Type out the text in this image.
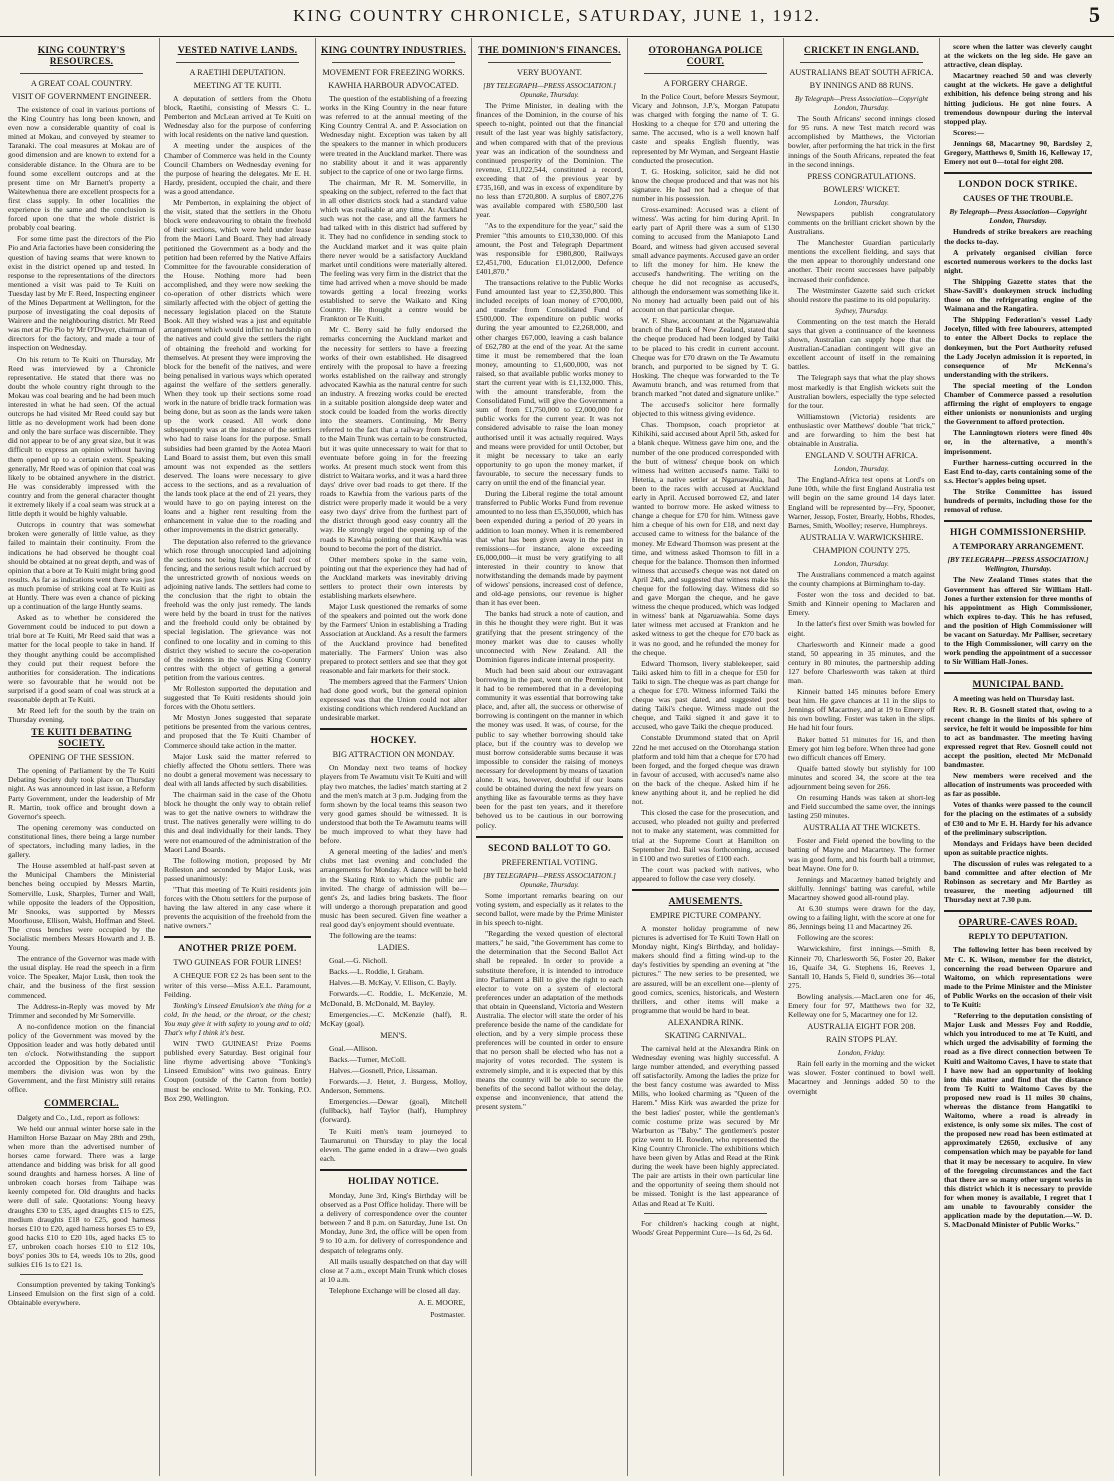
KING COUNTRY CHRONICLE, SATURDAY, JUNE 1, 1912.	5
KING COUNTRY'S RESOURCES.
A GREAT COAL COUNTRY.
VISIT OF GOVERNMENT ENGINEER.

The existence of coal in various portions of the King Country has long been known, and even now a considerable quantity of coal is mined at Mokau, and conveyed by steamer to Taranaki. The coal measures at Mokau are of good dimension and are known to extend for a considerable distance. In the Ohura are to be found some excellent outcrops and at the present time on Mr Barnett's property a Waitewhenua there are excellent prospects for a first class supply. In other localities the experience is the same and the conclusion is forced upon one that the whole district is probably coal bearing.

For some time past the directors of the Pio Pio and Aria factories have been considering the question of having seams that were known to exist in the district opened up and tested. In response to the representations of the directors mentioned a visit was paid to Te Kuiti on Tuesday last by Mr F. Reed, Inspecting engineer of the Mines Department at Wellington, for the purpose of investigating the coal deposits of Wairere and the neighbouring district. Mr Reed was met at Pio Pio by Mr O'Dwyer, chairman of directors for the factory, and made a tour of inspection on Wednesday.

On his return to Te Kuiti on Thursday, Mr Reed was interviewed by a Chronicle representative. He stated that there was no doubt the whole country right through to the Mokau was coal bearing and he had been much interested in what he had seen. Of the actual outcrops he had visited Mr Reed could say but little as no development work had been done and only the bare surface was discernible. They did not appear to be of any great size, but it was difficult to express an opinion without having them opened up to a certain extent. Speaking generally, Mr Reed was of opinion that coal was likely to be obtained anywhere in the district. He was considerably impressed with the country and from the general character thought it extremely likely if a coal seam was struck at a little depth it would be highly valuable.

Outcrops in country that was somewhat broken were generally of little value, as they failed to maintain their continuity. From the indications he had observed he thought coal should be obtained at no great depth, and was of opinion that a bore at Te Kuiti might bring good results. As far as indications went there was just as much promise of striking coal at Te Kuiti as at Huntly. There was even a chance of picking up a continuation of the large Huntly seams.

Asked as to whether he considered the Government could be induced to put down a trial bore at Te Kuiti, Mr Reed said that was a matter for the local people to take in hand. If they thought anything could be accomplished they could put their request before the authorities for consideration. The indications were so favourable that he would not be surprised if a good seam of coal was struck at a reasonable depth at Te Kuiti.

Mr Reed left for the south by the train on Thursday evening.

TE KUITI DEBATING SOCIETY.
OPENING OF THE SESSION.

The opening of Parliament by the Te Kuiti Debating Society duly took place on Thursday night. As was announced in last issue, a Reform Party Government, under the leadership of Mr R. Martin, took office and brought down a Governor's speech.

The opening ceremony was conducted on constitutional lines, there being a large number of spectators, including many ladies, in the gallery.

The House assembled at half-past seven at the Municipal Chambers the Ministerial benches being occupied by Messrs Martin, Somerville, Lusk, Sharples, Turner and Wall, while opposite the leaders of the Opposition, Mr Snooks, was supported by Messrs Moorhouse, Ellison, Walsh, Hoffman and Steel. The cross benches were occupied by the Socialistic members Messrs Howarth and J. B. Young.

The entrance of the Governor was made with the usual display. He read the speech in a firm voice. The Speaker, Major Lusk, then took the chair, and the business of the first session commenced.

The Address-in-Reply was moved by Mr Trimmer and seconded by Mr Somerville.

A no-confidence motion on the financial policy of the Government was moved by the Opposition leader and was hotly debated until ten o'clock. Notwithstanding the support accorded the Opposition by the Socialistic members the division was won by the Government, and the first Ministry still retains office.

COMMERCIAL.

Dalgety and Co., Ltd., report as follows:

We held our annual winter horse sale in the Hamilton Horse Bazaar on May 28th and 29th, when more than the advertised number of horses came forward. There was a large attendance and bidding was brisk for all good sound draughts and harness horses. A line of unbroken coach horses from Taihape was keenly competed for. Old draughts and hacks were dull of sale. Quotations: Young heavy draughts £30 to £35, aged draughts £15 to £25, medium draughts £18 to £25, good harness horses £10 to £20, aged harness horses £5 to £9, good hacks £10 to £20 10s, aged hacks £5 to £7, unbroken coach horses £10 to £12 10s, boys' ponies 30s to £4, weeds 10s to 20s, good sulkies £16 1s to £21 1s.

Consumption prevented by taking Tonking's Linseed Emulsion on the first sign of a cold. Obtainable everywhere.

VESTED NATIVE LANDS.
A RAETIHI DEPUTATION.
MEETING AT TE KUITI.

A deputation of settlers from the Ohotu block, Raetihi, consisting of Messrs C. L. Pemberton and McLean arrived at Te Kuiti on Wednesday also for the purpose of conferring with local residents on the native land question.

A meeting under the auspices of the Chamber of Commerce was held in the County Council Chambers on Wednesday evening for the purpose of hearing the delegates. Mr E. H. Hardy, president, occupied the chair, and there was a good attendance.

Mr Pemberton, in explaining the object of the visit, stated that the settlers in the Ohotu block were endeavouring to obtain the freehold of their sections, which were held under lease from the Maori Land Board. They had already petitioned the Government as a body and the petition had been referred by the Native Affairs Committee for the favourable consideration of the House. Nothing more had been accomplished, and they were now seeking the co-operation of other districts which were similarly affected with the object of getting the necessary legislation placed on the Statute Book. All they wished was a just and equitable arrangement which would inflict no hardship on the natives and could give the settlers the right of obtaining the freehold and working for themselves. At present they were improving the block for the benefit of the natives, and were being penalised in various ways which operated against the welfare of the settlers generally. When they took up their sections some road work in the nature of bridle track formation was being done, but as soon as the lands were taken up the work ceased. All work done subsequently was at the instance of the settlers who had to raise loans for the purpose. Small subsidies had been granted by the Aotea Maori Land Board to assist them, but even this small amount was not expended as the settlers deserved. The loans were necessary to give access to the sections, and as a revaluation of the lands took place at the end of 21 years, they would have to go on paying interest on the loans and a higher rent resulting from the enhancement in value due to the roading and other improvements in the district generally.

The deputation also referred to the grievance which rose through unoccupied land adjoining the sections not being liable for half cost of fencing, and the serious result which accrued by the unrestricted growth of noxious weeds on adjoining native lands. The settlers had come to the conclusion that the right to obtain the freehold was the only just remedy. The lands were held by the board in trust for the natives and the freehold could only be obtained by special legislation. The grievance was not confined to one locality and in coming to this district they wished to secure the co-operation of the residents in the various King Country centres with the object of getting a general petition from the various centres.

Mr Rolleston supported the deputation and suggested that Te Kuiti residents should join forces with the Ohotu settlers.

Mr Mostyn Jones suggested that separate petitions be presented from the various centres, and proposed that the Te Kuiti Chamber of Commerce should take action in the matter.

Major Lusk said the matter referred to chiefly affected the Ohotu settlers. There was no doubt a general movement was necessary to deal with all lands affected by such disabilities.

The chairman said in the case of the Ohotu block he thought the only way to obtain relief was to get the native owners to withdraw the trust. The natives generally were willing to do this and deal individually for their lands. They were not enamoured of the administration of the Maori Land Boards.

The following motion, proposed by Mr Rolleston and seconded by Major Lusk, was passed unanimously:

"That this meeting of Te Kuiti residents join forces with the Ohotu settlers for the purpose of having the law altered in any case where it prevents the acquisition of the freehold from the native owners."

ANOTHER PRIZE POEM.
TWO GUINEAS FOR FOUR LINES!

A CHEQUE FOR £2 2s has been sent to the writer of this verse—Miss A.E.L. Paramount, Feilding.

Tonking's Linseed Emulsion's the thing for a cold, In the head, or the throat, or the chest; You may give it with safety to young and to old; That's why I think it's best.

WIN TWO GUINEAS! Prize Poems published every Saturday. Best original four line rhyme advertising above "Tonking's Linseed Emulsion" wins two guineas. Entry Coupon (outside of the Carton from bottle) must be enclosed. Write to Mr. Tonking, P.O. Box 290, Wellington.

KING COUNTRY INDUSTRIES.
MOVEMENT FOR FREEZING WORKS.
KAWHIA HARBOUR ADVOCATED.

The question of the establishing of a freezing works in the King Country in the near future was referred to at the annual meeting of the King Country Central A. and P. Association on Wednesday night. Exception was taken by all the speakers to the manner in which producers were treated in the Auckland market. There was no stability about it and it was apparently subject to the caprice of one or two large firms.

The chairman, Mr R. M. Somerville, in speaking on the subject, referred to the fact that in all other districts stock had a standard value which was realisable at any time. At Auckland such was not the case, and all the farmers he had talked with in this district had suffered by it. They had no confidence in sending stock to the Auckland market and it was quite plain there never would be a satisfactory Auckland market until conditions were materially altered. The feeling was very firm in the district that the time had arrived when a move should be made towards getting a local freezing works established to serve the Waikato and King Country. He thought a centre would be Frankton or Te Kuiti.

Mr C. Berry said he fully endorsed the remarks concerning the Auckland market and the necessity for settlers to have a freezing works of their own established. He disagreed entirely with the proposal to have a freezing works established on the railway and strongly advocated Kawhia as the natural centre for such an industry. A freezing works could be erected in a suitable position alongside deep water and stock could be loaded from the works directly into the steamers. Continuing, Mr Berry referred to the fact that a railway from Kawhia to the Main Trunk was certain to be constructed, but it was quite unnecessary to wait for that to eventuate before going in for the freezing works. At present much stock went from this district to Waitara works, and it was a hard three days' drive over bad roads to get there. If the roads to Kawhia from the various parts of the district were properly made it would be a very easy two days' drive from the furthest part of the district through good easy country all the way. He strongly urged the opening up of the roads to Kawhia pointing out that Kawhia was bound to become the port of the district.

Other members spoke in the same vein, pointing out that the experience they had had of the Auckland markets was inevitably driving settlers to protect their own interests by establishing markets elsewhere.

Major Lusk questioned the remarks of some of the speakers and pointed out the work done by the Farmers' Union in establishing a Trading Association at Auckland. As a result the farmers of the Auckland province had benefited materially. The Farmers' Union was also prepared to protect settlers and see that they got reasonable and fair markets for their stock.

The members agreed that the Farmers' Union had done good work, but the general opinion expressed was that the Union could not alter existing conditions which rendered Auckland an undesirable market.

HOCKEY.
BIG ATTRACTION ON MONDAY.

On Monday next two teams of hockey players from Te Awamutu visit Te Kuiti and will play two matches, the ladies' match starting at 2 and the men's match at 3 p.m. Judging from the form shown by the local teams this season two very good games should be witnessed. It is understood that both the Te Awamutu teams will be much improved to what they have had before.

A general meeting of the ladies' and men's clubs met last evening and concluded the arrangements for Monday. A dance will be held in the Skating Rink to which the public are invited. The charge of admission will be—gent's 2s, and ladies bring baskets. The floor will undergo a thorough preparation and good music has been secured. Given fine weather a real good day's enjoyment should eventuate.

The following are the teams:

LADIES.

Goal.—G. Nicholl.

Backs.—L. Roddie, I. Graham.

Halves.—B. McKay, V. Ellison, C. Bayly.

Forwards.—C. Roddie, L. McKenzie, M. McDonald, B. McDonald, M. Bayley.

Emergencies.—C. McKenzie (half), R. McKay (goal).

MEN'S.

Goal.—Allison.

Backs.—Turner, McColl.

Halves.—Gosnell, Price, Lissaman.

Forwards.—J. Hetet, J. Burgess, Molloy, Anderson, Semmens.

Emergencies.—Dewar (goal), Mitchell (fullback), half Taylor (half), Humphrey (forward).

Te Kuiti men's team journeyed to Taumarunui on Thursday to play the local eleven. The game ended in a draw—two goals each.

HOLIDAY NOTICE.

Monday, June 3rd, King's Birthday will be observed as a Post Office holiday. There will be a delivery of correspondence over the counter between 7 and 8 p.m. on Saturday, June 1st. On Monday, June 3rd, the office will be open from 9 to 10 a.m. for delivery of correspondence and despatch of telegrams only.

All mails usually despatched on that day will close at 7 a.m., except Main Trunk which closes at 10 a.m.

Telephone Exchange will be closed all day.

A. E. MOORE,
Postmaster.
THE DOMINION'S FINANCES.
VERY BUOYANT.
[BY TELEGRAPH—PRESS ASSOCIATION.] Opunake, Thursday.

The Prime Minister, in dealing with the finances of the Dominion, in the course of his speech to-night, pointed out that the financial result of the last year was highly satisfactory, and when compared with that of the previous year was an indication of the soundness and continued prosperity of the Dominion. The revenue, £11,022,544, constituted a record, exceeding that of the previous year by £735,160, and was in excess of expenditure by no less than £720,800. A surplus of £807,276 was available compared with £580,500 last year.

"As to the expenditure for the year," said the Premier "this amounts to £10,330,000. Of this amount, the Post and Telegraph Department was responsible for £980,800, Railways £2,451,700, Education £1,012,000, Defence £401,870."

The transactions relative to the Public Works Fund amounted last year to £2,350,800. This included receipts of loan money of £700,000, and transfer from Consolidated Fund of £500,000. The expenditure on public works during the year amounted to £2,268,000, and other charges £67,000, leaving a cash balance of £62,780 at the end of the year. At the same time it must be remembered that the loan money, amounting to £1,600,000, was not raised, so that available public works money to start the current year with is £1,132,000. This, with the amount transferable, from the Consolidated Fund, will give the Government a sum of from £1,750,000 to £2,000,000 for public works for the current year. It was not considered advisable to raise the loan money authorised until it was actually required. Ways and means were provided for until October, but it might be necessary to take an early opportunity to go upon the money market, if favourable, to secure the necessary funds to carry on until the end of the financial year.

During the Liberal regime the total amount transferred to Public Works Fund from revenue amounted to no less than £5,350,000, which has been expended during a period of 20 years in addition to loan money. When it is remembered that what has been given away in the past in remissions—for instance, alone exceeding £6,000,000—it must be very gratifying to all interested in their country to know that notwithstanding the demands made by payment of widows' pensions, increased cost of defence, and old-age pensions, our revenue is higher than it has ever been.

The banks had struck a note of caution, and in this he thought they were right. But it was gratifying that the present stringency of the money market was due to causes wholly unconnected with New Zealand. All the Dominion figures indicate internal prosperity.

Much had been said about our extravagant borrowing in the past, went on the Premier, but it had to be remembered that in a developing community it was essential that borrowing take place, and, after all, the success or otherwise of borrowing is contingent on the manner in which the money was used. It was, of course, for the public to say whether borrowing should take place, but if the country was to develop we must borrow considerable sums because it was impossible to consider the raising of moneys necessary for development by means of taxation alone. It was, however, doubtful if our loans could be obtained during the next few years on anything like as favourable terms as they have been for the past ten years, and it therefore behoved us to be cautious in our borrowing policy.

SECOND BALLOT TO GO.
PREFERENTIAL VOTING.
[BY TELEGRAPH—PRESS ASSOCIATION.] Opunake, Thursday.

Some important remarks bearing on our voting system, and especially as it relates to the second ballot, were made by the Prime Minister in his speech to-night.

"Regarding the vexed question of electoral matters," he said, "the Government has come to the determination that the Second Ballot Act shall be repealed. In order to provide a substitute therefore, it is intended to introduce into Parliament a Bill to give the right to each elector to vote on a system of electoral preferences under an adaptation of the methods that obtain in Queensland, Victoria and Western Australia. The elector will state the order of his preference beside the name of the candidate for election, and by a very simple process these preferences will be counted in order to ensure that no person shall be elected who has not a majority of votes recorded. The system is extremely simple, and it is expected that by this means the country will be able to secure the benefits of the second ballot without the delay, expense and inconvenience, that attend the present system."

OTOROHANGA POLICE COURT.
A FORGERY CHARGE.

In the Police Court, before Messrs Seymour, Vicary and Johnson, J.P.'s, Morgan Patupatu was charged with forging the name of T. G. Hosking to a cheque for £70 and uttering the same. The accused, who is a well known half caste and speaks English fluently, was represented by Mr Wyman, and Sergeant Hastie conducted the prosecution.

T. G. Hosking, solicitor, said he did not know the cheque produced and that was not his signature. He had not had a cheque of that number in his possession.

Cross-examined: Accused was a client of witness'. Was acting for him during April. In early part of April there was a sum of £130 coming to accused from the Maniapoto Land Board, and witness had given accused several small advance payments. Accused gave an order to lift the money for him. He knew the accused's handwriting. The writing on the cheque he did not recognise as accused's, although the endorsement was something like it. No money had actually been paid out of his account on that particular cheque.

W. F. Shaw, accountant at the Ngaruawahia branch of the Bank of New Zealand, stated that the cheque produced had been lodged by Taiki to be placed to his credit in current account. Cheque was for £70 drawn on the Te Awamutu branch, and purported to be signed by T. G. Hosking. The cheque was forwarded to the Te Awamutu branch, and was returned from that branch marked "not dated and signature unlike."

The accused's solicitor here formally objected to this witness giving evidence.

Chas. Thompson, coach proprietor at Kihikihi, said accused about April 5th, asked for a blank cheque. Witness gave him one, and the number of the one produced corresponded with the butt of witness' cheque book on which witness had written accused's name. Taiki to Hetetia, a native settler at Ngaruawahia, had been to the races with accused at Auckland early in April. Accused borrowed £2, and later wanted to borrow more. He asked witness to change a cheque for £70 for him. Witness gave him a cheque of his own for £18, and next day accused came to witness for the balance of the money. Mr Edward Thomson was present at the time, and witness asked Thomson to fill in a cheque for the balance. Thomson then informed witness that accused's cheque was not dated on April 24th, and suggested that witness make his cheque for the following day. Witness did so and gave Morgan the cheque, and he gave witness the cheque produced, which was lodged in witness' bank at Ngaruawahia. Some days later witness met accused at Frankton and he asked witness to get the cheque for £70 back as it was no good, and he refunded the money for the cheque.

Edward Thomson, livery stablekeeper, said Taiki asked him to fill in a cheque for £50 for Taiki to sign. The cheque was as part change for a cheque for £70. Witness informed Taiki the cheque was past dated, and suggested post dating Taiki's cheque. Witness made out the cheque, and Taiki signed it and gave it to accused, who gave Taiki the cheque produced.

Constable Drummond stated that on April 22nd he met accused on the Otorohanga station platform and told him that a cheque for £70 had been forged, and the forged cheque was drawn in favour of accused, with accused's name also on the back of the cheque. Asked him if he knew anything about it, and he replied he did not.

This closed the case for the prosecution, and accused, who pleaded not guilty and preferred not to make any statement, was committed for trial at the Supreme Court at Hamilton on September 2nd. Bail was forthcoming, accused in £100 and two sureties of £100 each.

The court was packed with natives, who appeared to follow the case very closely.

AMUSEMENTS.
EMPIRE PICTURE COMPANY.

A monster holiday programme of new pictures is advertised for Te Kuiti Town Hall on Monday night, King's Birthday, and holiday-makers should find a fitting wind-up to the day's festivities by spending an evening at "the pictures." The new series to be presented, we are assured, will be an excellent one—plenty of good comics, scenics, historicals, and Western thrillers, and other items will make a programme that would be hard to beat.

ALEXANDRA RINK.
SKATING CARNIVAL.

The carnival held at the Alexandra Rink on Wednesday evening was highly successful. A large number attended, and everything passed off satisfactorily. Among the ladies the prize for the best fancy costume was awarded to Miss Mills, who looked charming as "Queen of the Harem." Miss Kirk was awarded the prize for the best ladies' poster, while the gentleman's comic costume prize was secured by Mr Warburton as "Baby." The gentlemen's poster prize went to H. Rowden, who represented the King Country Chronicle. The exhibitions which have been given by Atlas and Read at the Rink during the week have been highly appreciated. The pair are artists in their own particular line and the opportunity of seeing them should not be missed. Tonight is the last appearance of Atlas and Read at Te Kuiti.

For children's hacking cough at night, Woods' Great Peppermint Cure—1s 6d, 2s 6d.

CRICKET IN ENGLAND.
AUSTRALIANS BEAT SOUTH AFRICA.
BY INNINGS AND 88 RUNS.
By Telegraph—Press Association—Copyright London, Thursday.

The South Africans' second innings closed for 95 runs. A new Test match record was accomplished by Matthews, the Victorian bowler, after performing the hat trick in the first innings of the South Africans, repeated the feat in the second innings.

PRESS CONGRATULATIONS.
BOWLERS' WICKET.
London, Thursday.

Newspapers publish congratulatory comments on the brilliant cricket shown by the Australians.

The Manchester Guardian particularly mentions the excellent fielding, and says that the men appear to thoroughly understand one another. Their recent successes have palpably increased their confidence.

The Westminster Gazette said such cricket should restore the pastime to its old popularity.

Sydney, Thursday.

Commenting on the test match the Herald says that given a continuance of the keenness shown, Australian can supply hope that the Australian-Canadian contingent will give an excellent account of itself in the remaining battles.

The Telegraph says that what the play shows most markedly is that English wickets suit the Australian bowlers, especially the type selected for the tour.

Williamstown (Victoria) residents are enthusiastic over Matthews' double "hat trick," and are forwarding to him the best hat obtainable in Australia.

ENGLAND V. SOUTH AFRICA.
London, Thursday.

The England-Africa test opens at Lord's on June 10th, while the first England Australia test will begin on the same ground 14 days later. England will be represented by—Fry, Spooner, Warner, Jessop, Foster, Brearly, Hobbs, Rhodes, Barnes, Smith, Woolley; reserve, Humphreys.

AUSTRALIA V. WARWICKSHIRE.
CHAMPION COUNTY 275.
London, Thursday.

The Australians commenced a match against the county champions at Birmingham to-day.

Foster won the toss and decided to bat. Smith and Kinneir opening to Maclaren and Emery.

In the latter's first over Smith was bowled for eight.

Charlesworth and Kinneir made a good stand, 50 appearing in 35 minutes, and the century in 80 minutes, the partnership adding 127 before Charlesworth was taken at third man.

Kinneir batted 145 minutes before Emery beat him. He gave chances at 11 in the slips to Jennings off Macartney, and at 19 to Emery off his own bowling. Foster was taken in the slips. He had hit four fours.

Baker batted 51 minutes for 16, and then Emery got him leg before. When three had gone two difficult chances off Emery.

Quaife batted slowly but stylishly for 100 minutes and scored 34, the score at the tea adjournment being seven for 266.

On resuming Hands was taken at short-leg and Field succumbed the same over, the innings lasting 250 minutes.

AUSTRALIA AT THE WICKETS.

Foster and Field opened the bowling to the batting of Mayne and Macartney. The former was in good form, and his fourth ball a trimmer, beat Mayne. One for 0.

Jennings and Macartney batted brightly and skilfully. Jennings' batting was careful, while Macartney showed good all-round play.

At 6.30 stumps were drawn for the day, owing to a failing light, with the score at one for 86, Jennings being 11 and Macartney 26.

Following are the scores:

Warwickshire, first innings.—Smith 8, Kinneir 70, Charlesworth 56, Foster 20, Baker 16, Quaife 34, G. Stephens 16, Reeves 1, Santall 10, Hands 5, Field 0, sundries 36—total 275.

Bowling analysis.—MacLaren one for 46, Emery four for 97, Matthews two for 32, Kelleway one for 5, Macartney one for 12.

AUSTRALIA EIGHT FOR 208.
RAIN STOPS PLAY.
London, Friday.

Rain fell early in the morning and the wicket was slower. Foster continued to bowl well. Macartney and Jennings added 50 to the overnight

score when the latter was cleverly caught at the wickets on the leg side. He gave an attractive, clean display.

Macartney reached 50 and was cleverly caught at the wickets. He gave a delightful exhibition, his defence being strong and his hitting judicious. He got nine fours. A tremendous downpour during the interval stopped play.

Scores:—

Jennings 68, Macartney 90, Bardsley 2, Gregory, Matthews 0, Smith 16, Kelleway 17, Emery not out 0—total for eight 208.

LONDON DOCK STRIKE.
CAUSES OF THE TROUBLE.
By Telegraph—Press Association—Copyright London, Thursday.

Hundreds of strike breakers are reaching the docks to-day.

A privately organised civilian force escorted numerous workers to the docks last night.

The Shipping Gazette states that the Shaw-Savill's donkeymen struck including those on the refrigerating engine of the Waimana and the Rangatira.

The Shipping Federation's vessel Lady Jocelyn, filled with free labourers, attempted to enter the Albert Docks to replace the donkeymen, but the Port Authority refused the Lady Jocelyn admission it is reported, in consequence of Mr McKenna's understanding with the strikers.

The special meeting of the London Chamber of Commerce passed a resolution affirming the right of employers to engage either unionists or nonunionists and urging the Government to afford protection.

The Lanningtown rioters were fined 40s or, in the alternative, a month's imprisonment.

Further harness-cutting occurred in the East End to-day, carts containing some of the s.s. Hector's apples being upset.

The Strike Committee has issued hundreds of permits, including those for the removal of refuse.

HIGH COMMISSIONERSHIP.
A TEMPORARY ARRANGEMENT.
[BY TELEGRAPH—PRESS ASSOCIATION.] Wellington, Thursday.

The New Zealand Times states that the Government has offered Sir William Hall-Jones a further extension for three months of his appointment as High Commissioner, which expires to-day. This he has refused, and the position of High Commissioner will be vacant on Saturday. Mr Palliser, secretary to the High Commissioner, will carry on the work pending the appointment of a successor to Sir William Hall-Jones.

MUNICIPAL BAND.

A meeting was held on Thursday last.

Rev. R. B. Gosnell stated that, owing to a recent change in the limits of his sphere of service, he felt it would be impossible for him to act as bandmaster. The meeting having expressed regret that Rev. Gosnell could not accept the position, elected Mr McDonald bandmaster.

New members were received and the allocation of instruments was proceeded with as far as possible.

Votes of thanks were passed to the council for the placing on the estimates of a subsidy of £30 and to Mr E. H. Hardy for his advance of the preliminary subscription.

Mondays and Fridays have been decided upon as suitable practice nights.

The discussion of rules was relegated to a band committee and after election of Mr Robinson as secretary and Mr Bartley as treasurer, the meeting adjourned till Thursday next at 7.30 p.m.

OPARURE-CAVES ROAD.
REPLY TO DEPUTATION.

The following letter has been received by Mr C. K. Wilson, member for the district, concerning the road between Oparure and Waitomo, on which representations were made to the Prime Minister and the Minister of Public Works on the occasion of their visit to Te Kuiti:

"Referring to the deputation consisting of Major Lusk and Messrs Foy and Roddie, which you introduced to me at Te Kuiti, and which urged the advisability of forming the road as a five direct connection between Te Kuiti and Waitomo Caves, I have to state that I have now had an opportunity of looking into this matter and find that the distance from Te Kuiti to Waitomo Caves by the proposed new road is 11 miles 30 chains, whereas the distance from Hangatiki to Waitomo, where a road is already in existence, is only some six miles. The cost of the proposed new road has been estimated at approximately £2650, exclusive of any compensation which may be payable for land that it may be necessary to acquire. In view of the foregoing circumstances and the fact that there are so many other urgent works in this district which it is necessary to provide for when money is available, I regret that I am unable to favourably consider the application made by the deputation.—W. D. S. MacDonald Minister of Public Works."
